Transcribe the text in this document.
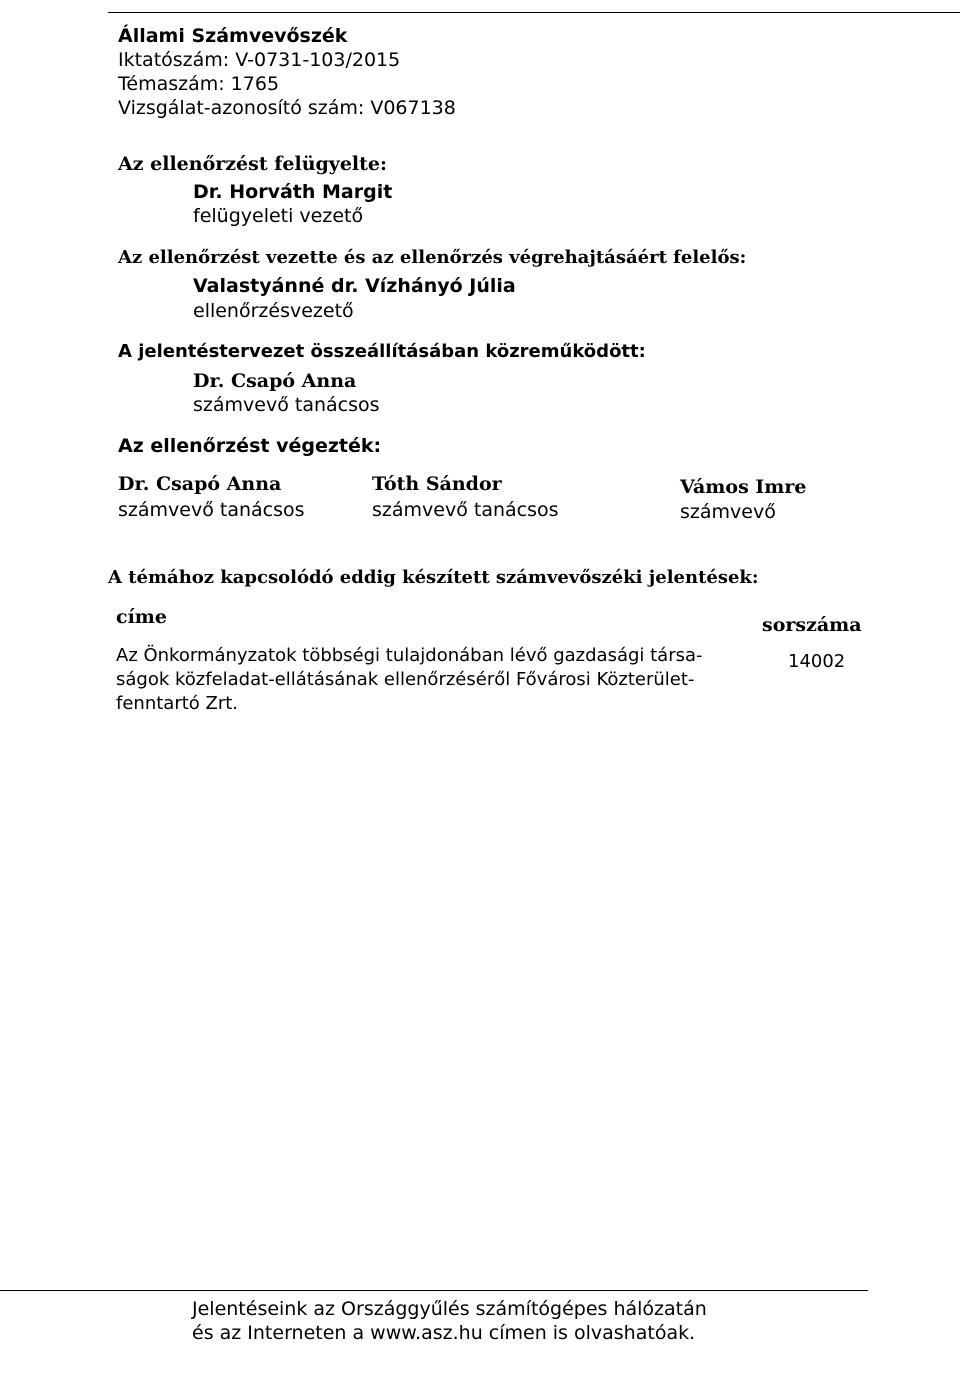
Állami Számvevőszék
Iktatószám: V-0731-103/2015
Témaszám: 1765
Vizsgálat-azonosító szám: V067138
Az ellenőrzést felügyelte:
Dr. Horváth Margit
felügyeleti vezető
Az ellenőrzést vezette és az ellenőrzés végrehajtásáért felelős:
Valastyánné dr. Vízhányó Júlia
ellenőrzésvezető
A jelentéstervezet összeállításában közreműködött:
Dr. Csapó Anna
számvevő tanácsos
Az ellenőrzést végezték:
Dr. Csapó Anna
számvevő tanácsos
Tóth Sándor
számvevő tanácsos
Vámos Imre
számvevő
A témához kapcsolódó eddig készített számvevőszéki jelentések:
címe	sorszáma
Az Önkormányzatok többségi tulajdonában lévő gazdasági társa-
ságok közfeladat-ellátásának ellenőrzéséről Fővárosi Közterület-
fenntartó Zrt.
14002
Jelentéseink az Országgyűlés számítógépes hálózatán
és az Interneten a www.asz.hu címen is olvashatóak.
